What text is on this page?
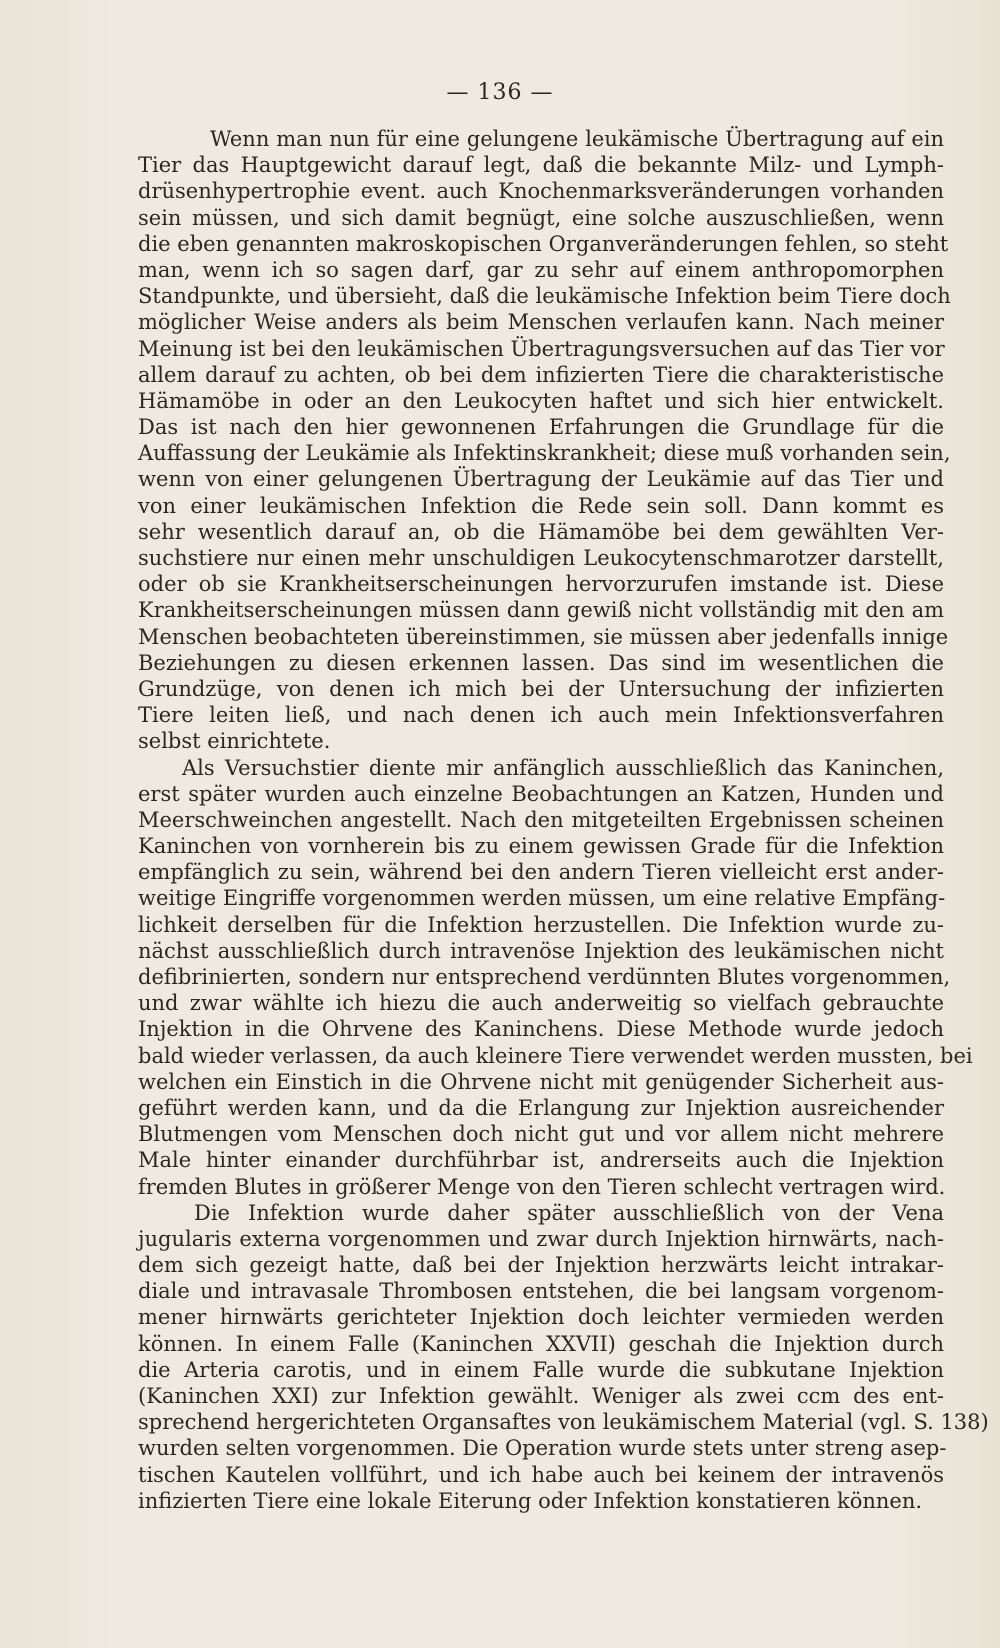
— 136 —
Wenn man nun für eine gelungene leukämische Übertragung auf ein
Tier das Hauptgewicht darauf legt, daß die bekannte Milz- und Lymph-
drüsenhypertrophie event. auch Knochenmarksveränderungen vorhanden
sein müssen, und sich damit begnügt, eine solche auszuschließen, wenn
die eben genannten makroskopischen Organveränderungen fehlen, so steht
man, wenn ich so sagen darf, gar zu sehr auf einem anthropomorphen
Standpunkte, und übersieht, daß die leukämische Infektion beim Tiere doch
möglicher Weise anders als beim Menschen verlaufen kann. Nach meiner
Meinung ist bei den leukämischen Übertragungsversuchen auf das Tier vor
allem darauf zu achten, ob bei dem infizierten Tiere die charakteristische
Hämamöbe in oder an den Leukocyten haftet und sich hier entwickelt.
Das ist nach den hier gewonnenen Erfahrungen die Grundlage für die
Auffassung der Leukämie als Infektinskrankheit; diese muß vorhanden sein,
wenn von einer gelungenen Übertragung der Leukämie auf das Tier und
von einer leukämischen Infektion die Rede sein soll. Dann kommt es
sehr wesentlich darauf an, ob die Hämamöbe bei dem gewählten Ver-
suchstiere nur einen mehr unschuldigen Leukocytenschmarotzer darstellt,
oder ob sie Krankheitserscheinungen hervorzurufen imstande ist. Diese
Krankheitserscheinungen müssen dann gewiß nicht vollständig mit den am
Menschen beobachteten übereinstimmen, sie müssen aber jedenfalls innige
Beziehungen zu diesen erkennen lassen. Das sind im wesentlichen die
Grundzüge, von denen ich mich bei der Untersuchung der infizierten
Tiere leiten ließ, und nach denen ich auch mein Infektionsverfahren
selbst einrichtete.
Als Versuchstier diente mir anfänglich ausschließlich das Kaninchen,
erst später wurden auch einzelne Beobachtungen an Katzen, Hunden und
Meerschweinchen angestellt. Nach den mitgeteilten Ergebnissen scheinen
Kaninchen von vornherein bis zu einem gewissen Grade für die Infektion
empfänglich zu sein, während bei den andern Tieren vielleicht erst ander-
weitige Eingriffe vorgenommen werden müssen, um eine relative Empfäng-
lichkeit derselben für die Infektion herzustellen. Die Infektion wurde zu-
nächst ausschließlich durch intravenöse Injektion des leukämischen nicht
defibrinierten, sondern nur entsprechend verdünnten Blutes vorgenommen,
und zwar wählte ich hiezu die auch anderweitig so vielfach gebrauchte
Injektion in die Ohrvene des Kaninchens. Diese Methode wurde jedoch
bald wieder verlassen, da auch kleinere Tiere verwendet werden mussten, bei
welchen ein Einstich in die Ohrvene nicht mit genügender Sicherheit aus-
geführt werden kann, und da die Erlangung zur Injektion ausreichender
Blutmengen vom Menschen doch nicht gut und vor allem nicht mehrere
Male hinter einander durchführbar ist, andrerseits auch die Injektion
fremden Blutes in größerer Menge von den Tieren schlecht vertragen wird.
Die Infektion wurde daher später ausschließlich von der Vena
jugularis externa vorgenommen und zwar durch Injektion hirnwärts, nach-
dem sich gezeigt hatte, daß bei der Injektion herzwärts leicht intrakar-
diale und intravasale Thrombosen entstehen, die bei langsam vorgenom-
mener hirnwärts gerichteter Injektion doch leichter vermieden werden
können. In einem Falle (Kaninchen XXVII) geschah die Injektion durch
die Arteria carotis, und in einem Falle wurde die subkutane Injektion
(Kaninchen XXI) zur Infektion gewählt. Weniger als zwei ccm des ent-
sprechend hergerichteten Organsaftes von leukämischem Material (vgl. S. 138)
wurden selten vorgenommen. Die Operation wurde stets unter streng asep-
tischen Kautelen vollführt, und ich habe auch bei keinem der intravenös
infizierten Tiere eine lokale Eiterung oder Infektion konstatieren können.
